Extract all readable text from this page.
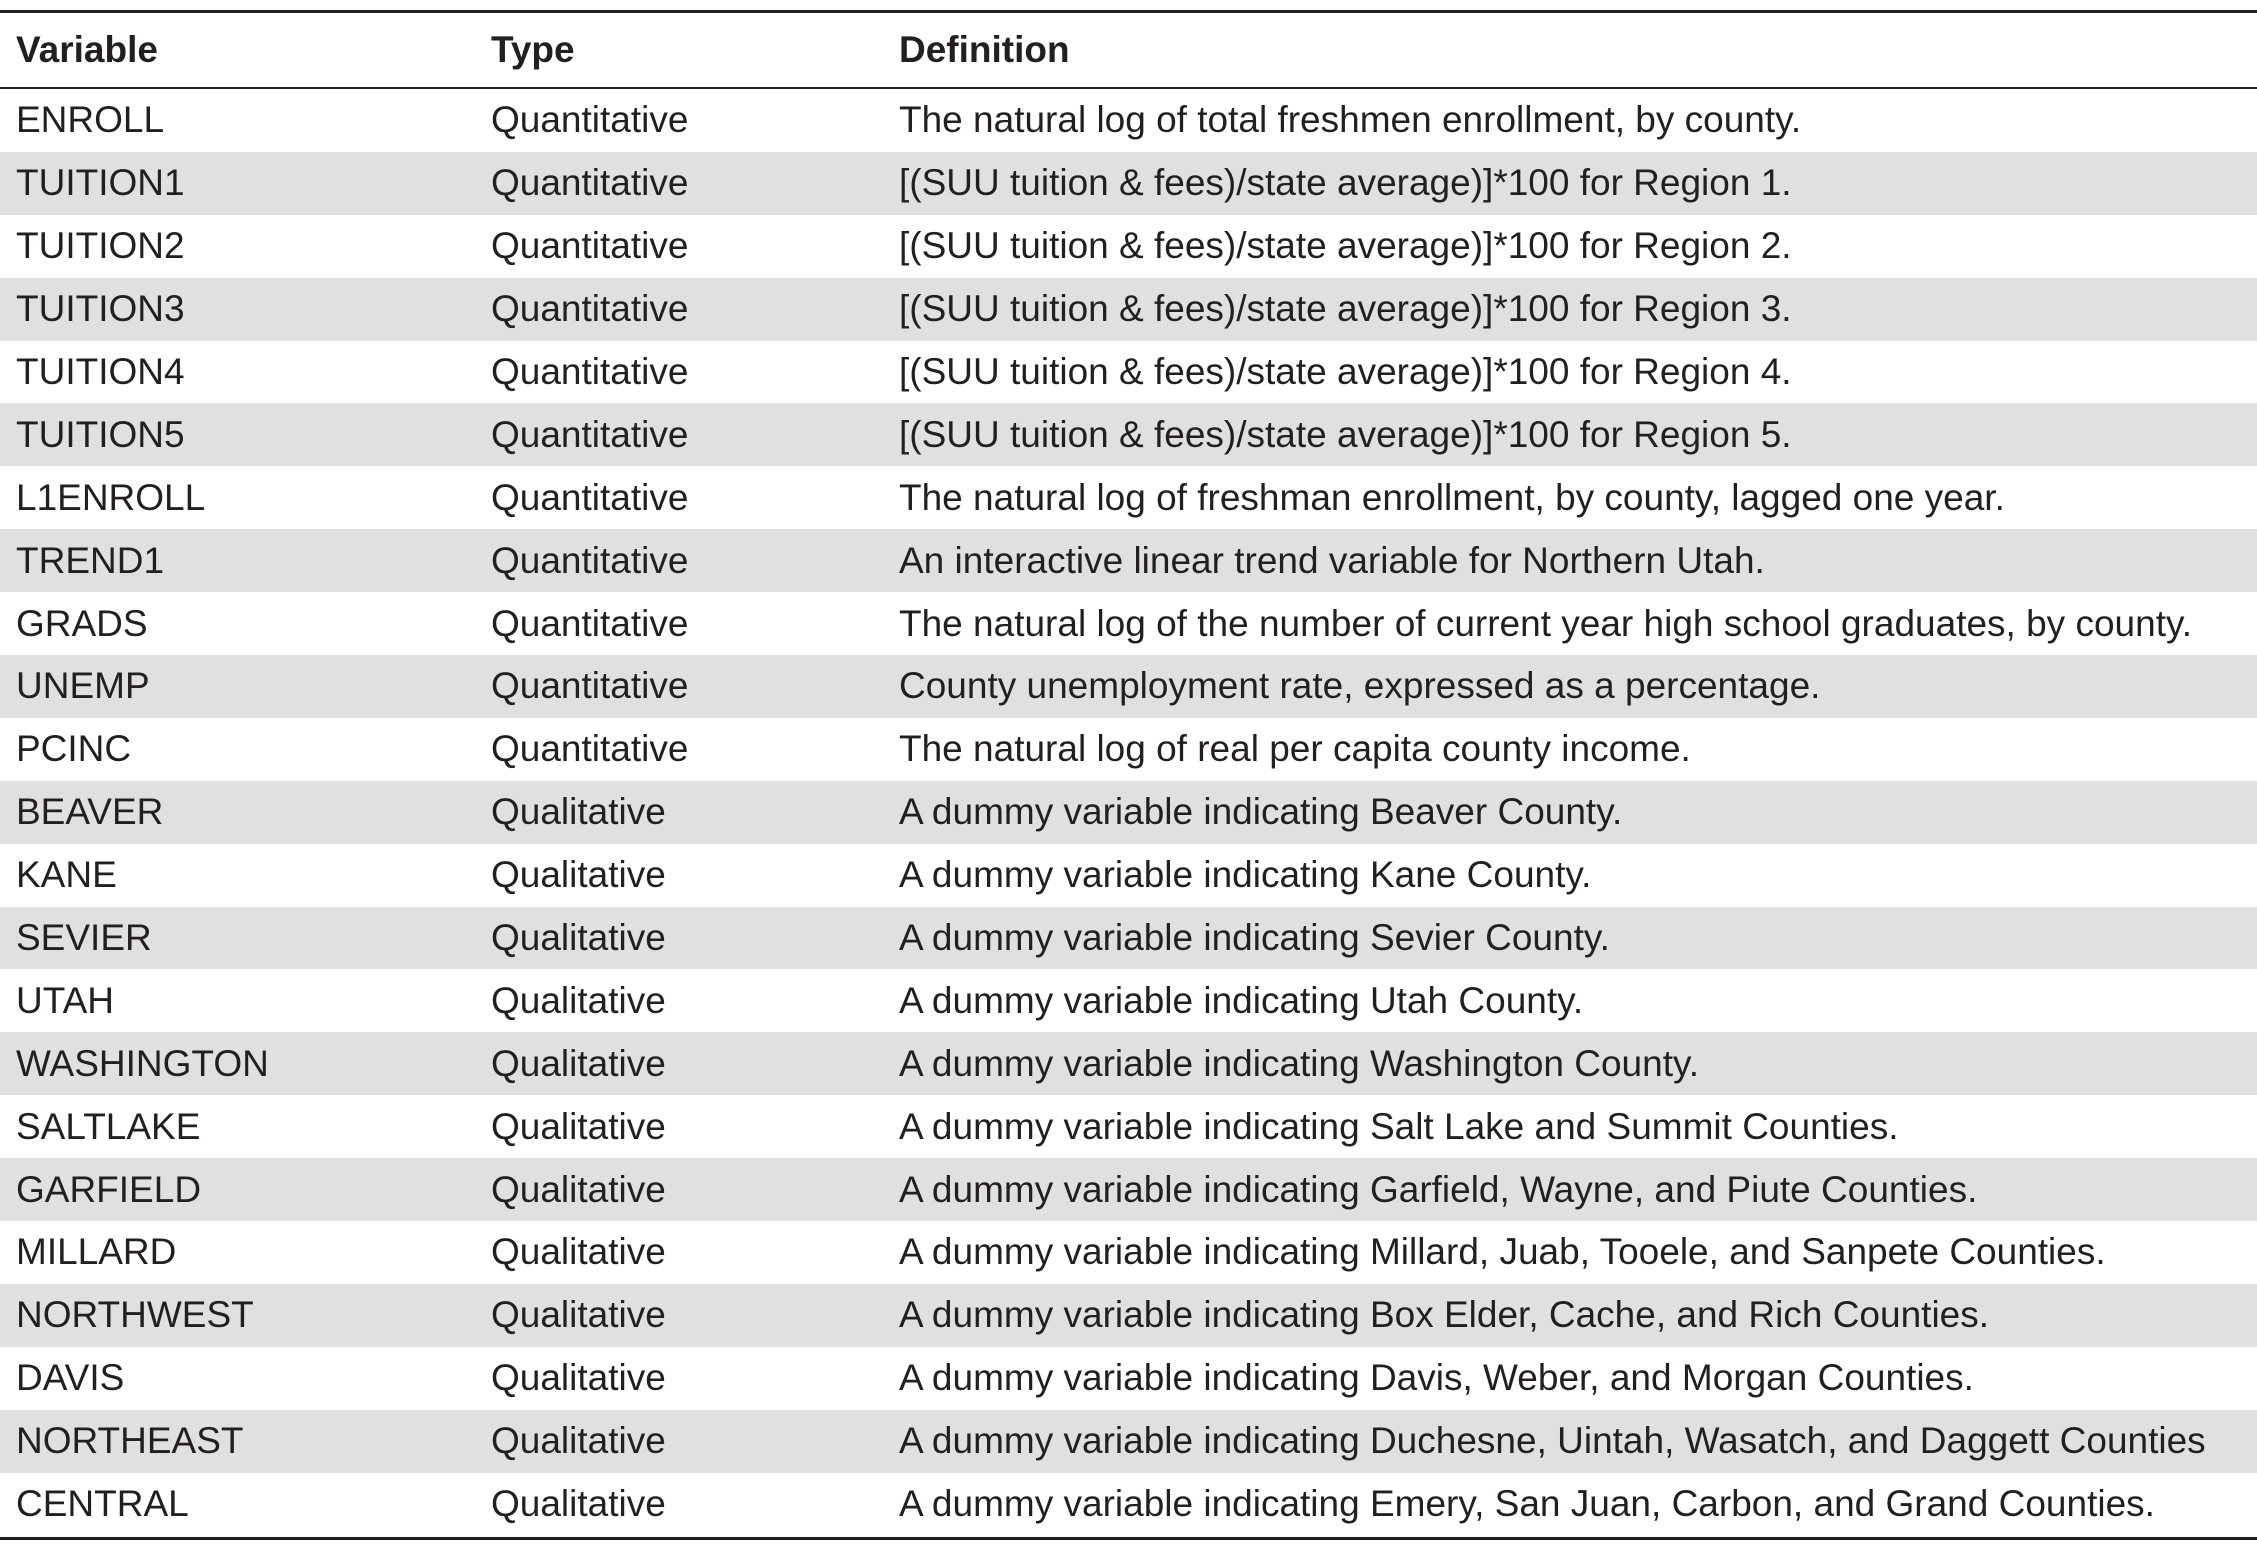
Variable	Type	Definition
ENROLL	Quantitative	The natural log of total freshmen enrollment, by county.
TUITION1	Quantitative	[(SUU tuition & fees)/state average)]*100 for Region 1.
TUITION2	Quantitative	[(SUU tuition & fees)/state average)]*100 for Region 2.
TUITION3	Quantitative	[(SUU tuition & fees)/state average)]*100 for Region 3.
TUITION4	Quantitative	[(SUU tuition & fees)/state average)]*100 for Region 4.
TUITION5	Quantitative	[(SUU tuition & fees)/state average)]*100 for Region 5.
L1ENROLL	Quantitative	The natural log of freshman enrollment, by county, lagged one year.
TREND1	Quantitative	An interactive linear trend variable for Northern Utah.
GRADS	Quantitative	The natural log of the number of current year high school graduates, by county.
UNEMP	Quantitative	County unemployment rate, expressed as a percentage.
PCINC	Quantitative	The natural log of real per capita county income.
BEAVER	Qualitative	A dummy variable indicating Beaver County.
KANE	Qualitative	A dummy variable indicating Kane County.
SEVIER	Qualitative	A dummy variable indicating Sevier County.
UTAH	Qualitative	A dummy variable indicating Utah County.
WASHINGTON	Qualitative	A dummy variable indicating Washington County.
SALTLAKE	Qualitative	A dummy variable indicating Salt Lake and Summit Counties.
GARFIELD	Qualitative	A dummy variable indicating Garfield, Wayne, and Piute Counties.
MILLARD	Qualitative	A dummy variable indicating Millard, Juab, Tooele, and Sanpete Counties.
NORTHWEST	Qualitative	A dummy variable indicating Box Elder, Cache, and Rich Counties.
DAVIS	Qualitative	A dummy variable indicating Davis, Weber, and Morgan Counties.
NORTHEAST	Qualitative	A dummy variable indicating Duchesne, Uintah, Wasatch, and Daggett Counties
CENTRAL	Qualitative	A dummy variable indicating Emery, San Juan, Carbon, and Grand Counties.
